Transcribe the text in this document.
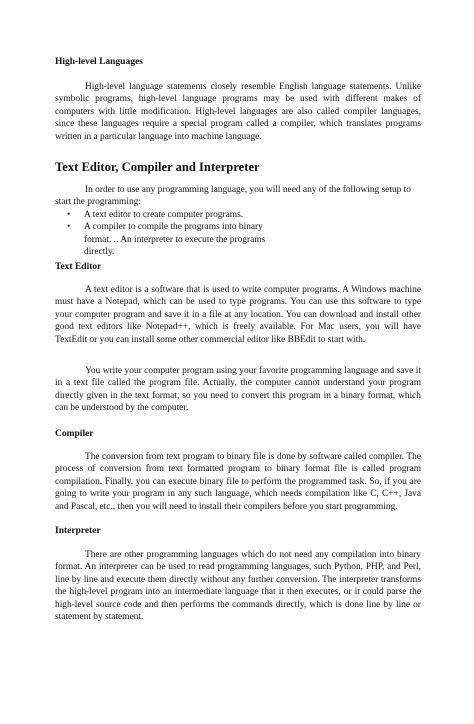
High-level Languages
High-level language statements closely resemble English language statements. Unlike symbolic programs, high-level language programs may be used with different makes of computers with little modification. High-level languages are also called compiler languages, since these languages require a special program called a compiler, which translates programs written in a particular language into machine language.
Text Editor, Compiler and Interpreter
In order to use any programming language, you will need any of the following setup to start the programming:
• A text editor to create computer programs.
• A compiler to compile the programs into binary format. .. An interpreter to execute the programs directly.
Text Editor
A text editor is a software that is used to write computer programs. A Windows machine must have a Notepad, which can be used to type programs. You can use this software to type your computer program and save it in a file at any location. You can download and install other good text editors like Notepad++, which is freely available. For Mac users, you will have TextEdit or you can install some other commercial editor like BBEdit to start with.
You write your computer program using your favorite programming language and save it in a text file called the program file. Actually, the computer cannot understand your program directly given in the text format, so you need to convert this program in a binary format, which can be understood by the computer.
Compiler
The conversion from text program to binary file is done by software called compiler. The process of conversion from text formatted program to binary format file is called program compilation. Finally, you can execute binary file to perform the programmed task. So, if you are going to write your program in any such language, which needs compilation like C, C++, Java and Pascal, etc., then you will need to install their compilers before you start programming.
Interpreter
There are other programming languages which do not need any compilation into binary format. An interpreter can be used to read programming languages, such Python, PHP, and Perl, line by line and execute them directly without any further conversion. The interpreter transforms the high-level program into an intermediate language that it then executes, or it could parse the high-level source code and then performs the commands directly, which is done line by line or statement by statement.
